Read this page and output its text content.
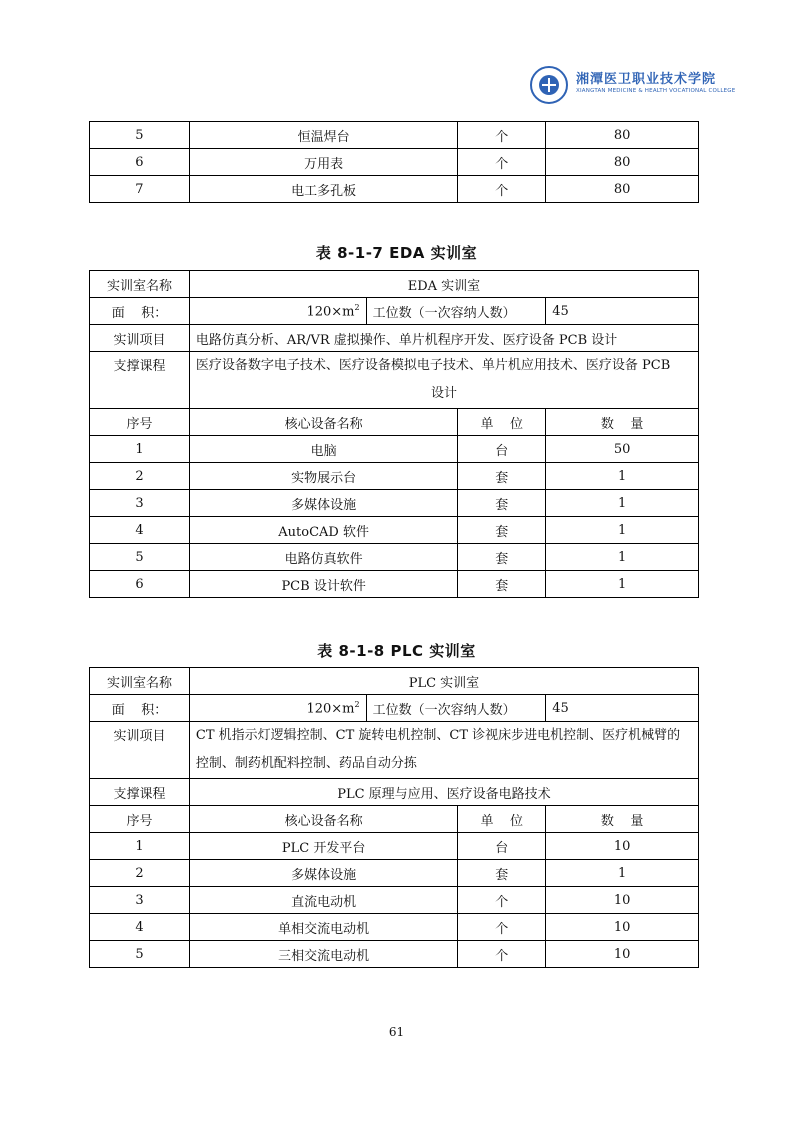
湘潭医卫职业技术学院
XIANGTAN MEDICINE & HEALTH VOCATIONAL COLLEGE
5	恒温焊台	个	80
6	万用表	个	80
7	电工多孔板	个	80
表 8-1-7 EDA 实训室
实训室名称	EDA 实训室			
面    积：	$120\times m^2$	工位数（一次容纳人数）		45
实训项目	电路仿真分析、AR/VR 虚拟操作、单片机程序开发、医疗设备 PCB 设计			
支撑课程	医疗设备数字电子技术、医疗设备模拟电子技术、单片机应用技术、医疗设备 PCB
设计			

序号	核心设备名称		单    位	数    量
1	电脑		台	50
2	实物展示台		套	1
3	多媒体设施		套	1
4	AutoCAD 软件		套	1
5	电路仿真软件		套	1
6	PCB 设计软件		套	1
表 8-1-8 PLC 实训室
实训室名称	PLC 实训室			
面    积：	$120\times m^2$	工位数（一次容纳人数）		45
实训项目	CT 机指示灯逻辑控制、CT 旋转电机控制、CT 诊视床步进电机控制、医疗机械臂的
控制、制药机配料控制、药品自动分拣			

支撑课程	PLC 原理与应用、医疗设备电路技术			
序号	核心设备名称		单    位	数    量
1	PLC 开发平台		台	10
2	多媒体设施		套	1
3	直流电动机		个	10
4	单相交流电动机		个	10
5	三相交流电动机		个	10
61
